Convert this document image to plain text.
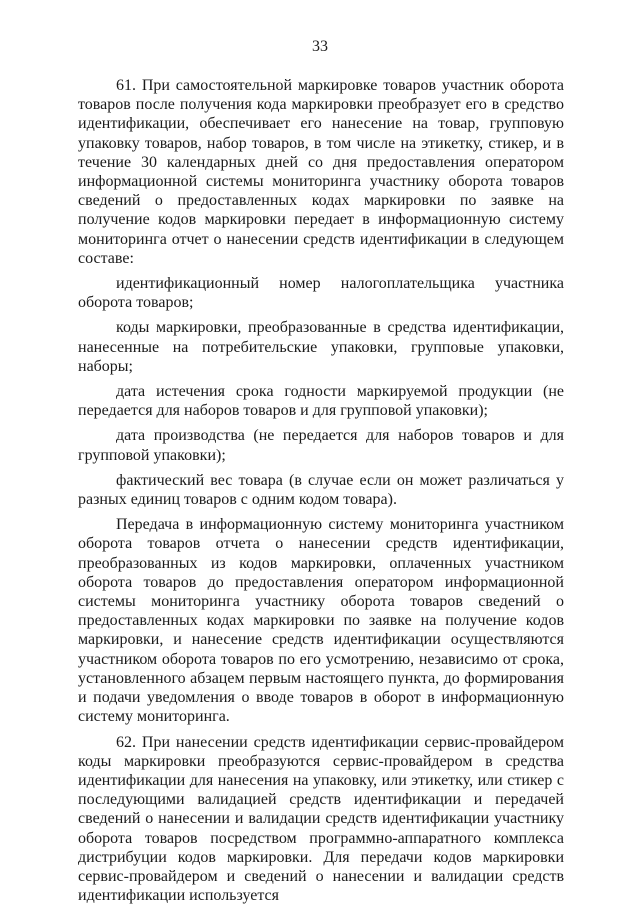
33

61. При самостоятельной маркировке товаров участник оборота товаров после получения кода маркировки преобразует его в средство идентификации, обеспечивает его нанесение на товар, групповую упаковку товаров, набор товаров, в том числе на этикетку, стикер, и в течение 30 календарных дней со дня предоставления оператором информационной системы мониторинга участнику оборота товаров сведений о предоставленных кодах маркировки по заявке на получение кодов маркировки передает в информационную систему мониторинга отчет о нанесении средств идентификации в следующем составе:

идентификационный номер налогоплательщика участника оборота товаров;

коды маркировки, преобразованные в средства идентификации, нанесенные на потребительские упаковки, групповые упаковки, наборы;

дата истечения срока годности маркируемой продукции (не передается для наборов товаров и для групповой упаковки);

дата производства (не передается для наборов товаров и для групповой упаковки);

фактический вес товара (в случае если он может различаться у разных единиц товаров с одним кодом товара).

Передача в информационную систему мониторинга участником оборота товаров отчета о нанесении средств идентификации, преобразованных из кодов маркировки, оплаченных участником оборота товаров до предоставления оператором информационной системы мониторинга участнику оборота товаров сведений о предоставленных кодах маркировки по заявке на получение кодов маркировки, и нанесение средств идентификации осуществляются участником оборота товаров по его усмотрению, независимо от срока, установленного абзацем первым настоящего пункта, до формирования и подачи уведомления о вводе товаров в оборот в информационную систему мониторинга.

62. При нанесении средств идентификации сервис-провайдером коды маркировки преобразуются сервис-провайдером в средства идентификации для нанесения на упаковку, или этикетку, или стикер с последующими валидацией средств идентификации и передачей сведений о нанесении и валидации средств идентификации участнику оборота товаров посредством программно-аппаратного комплекса дистрибуции кодов маркировки. Для передачи кодов маркировки сервис-провайдером и сведений о нанесении и валидации средств идентификации используется
